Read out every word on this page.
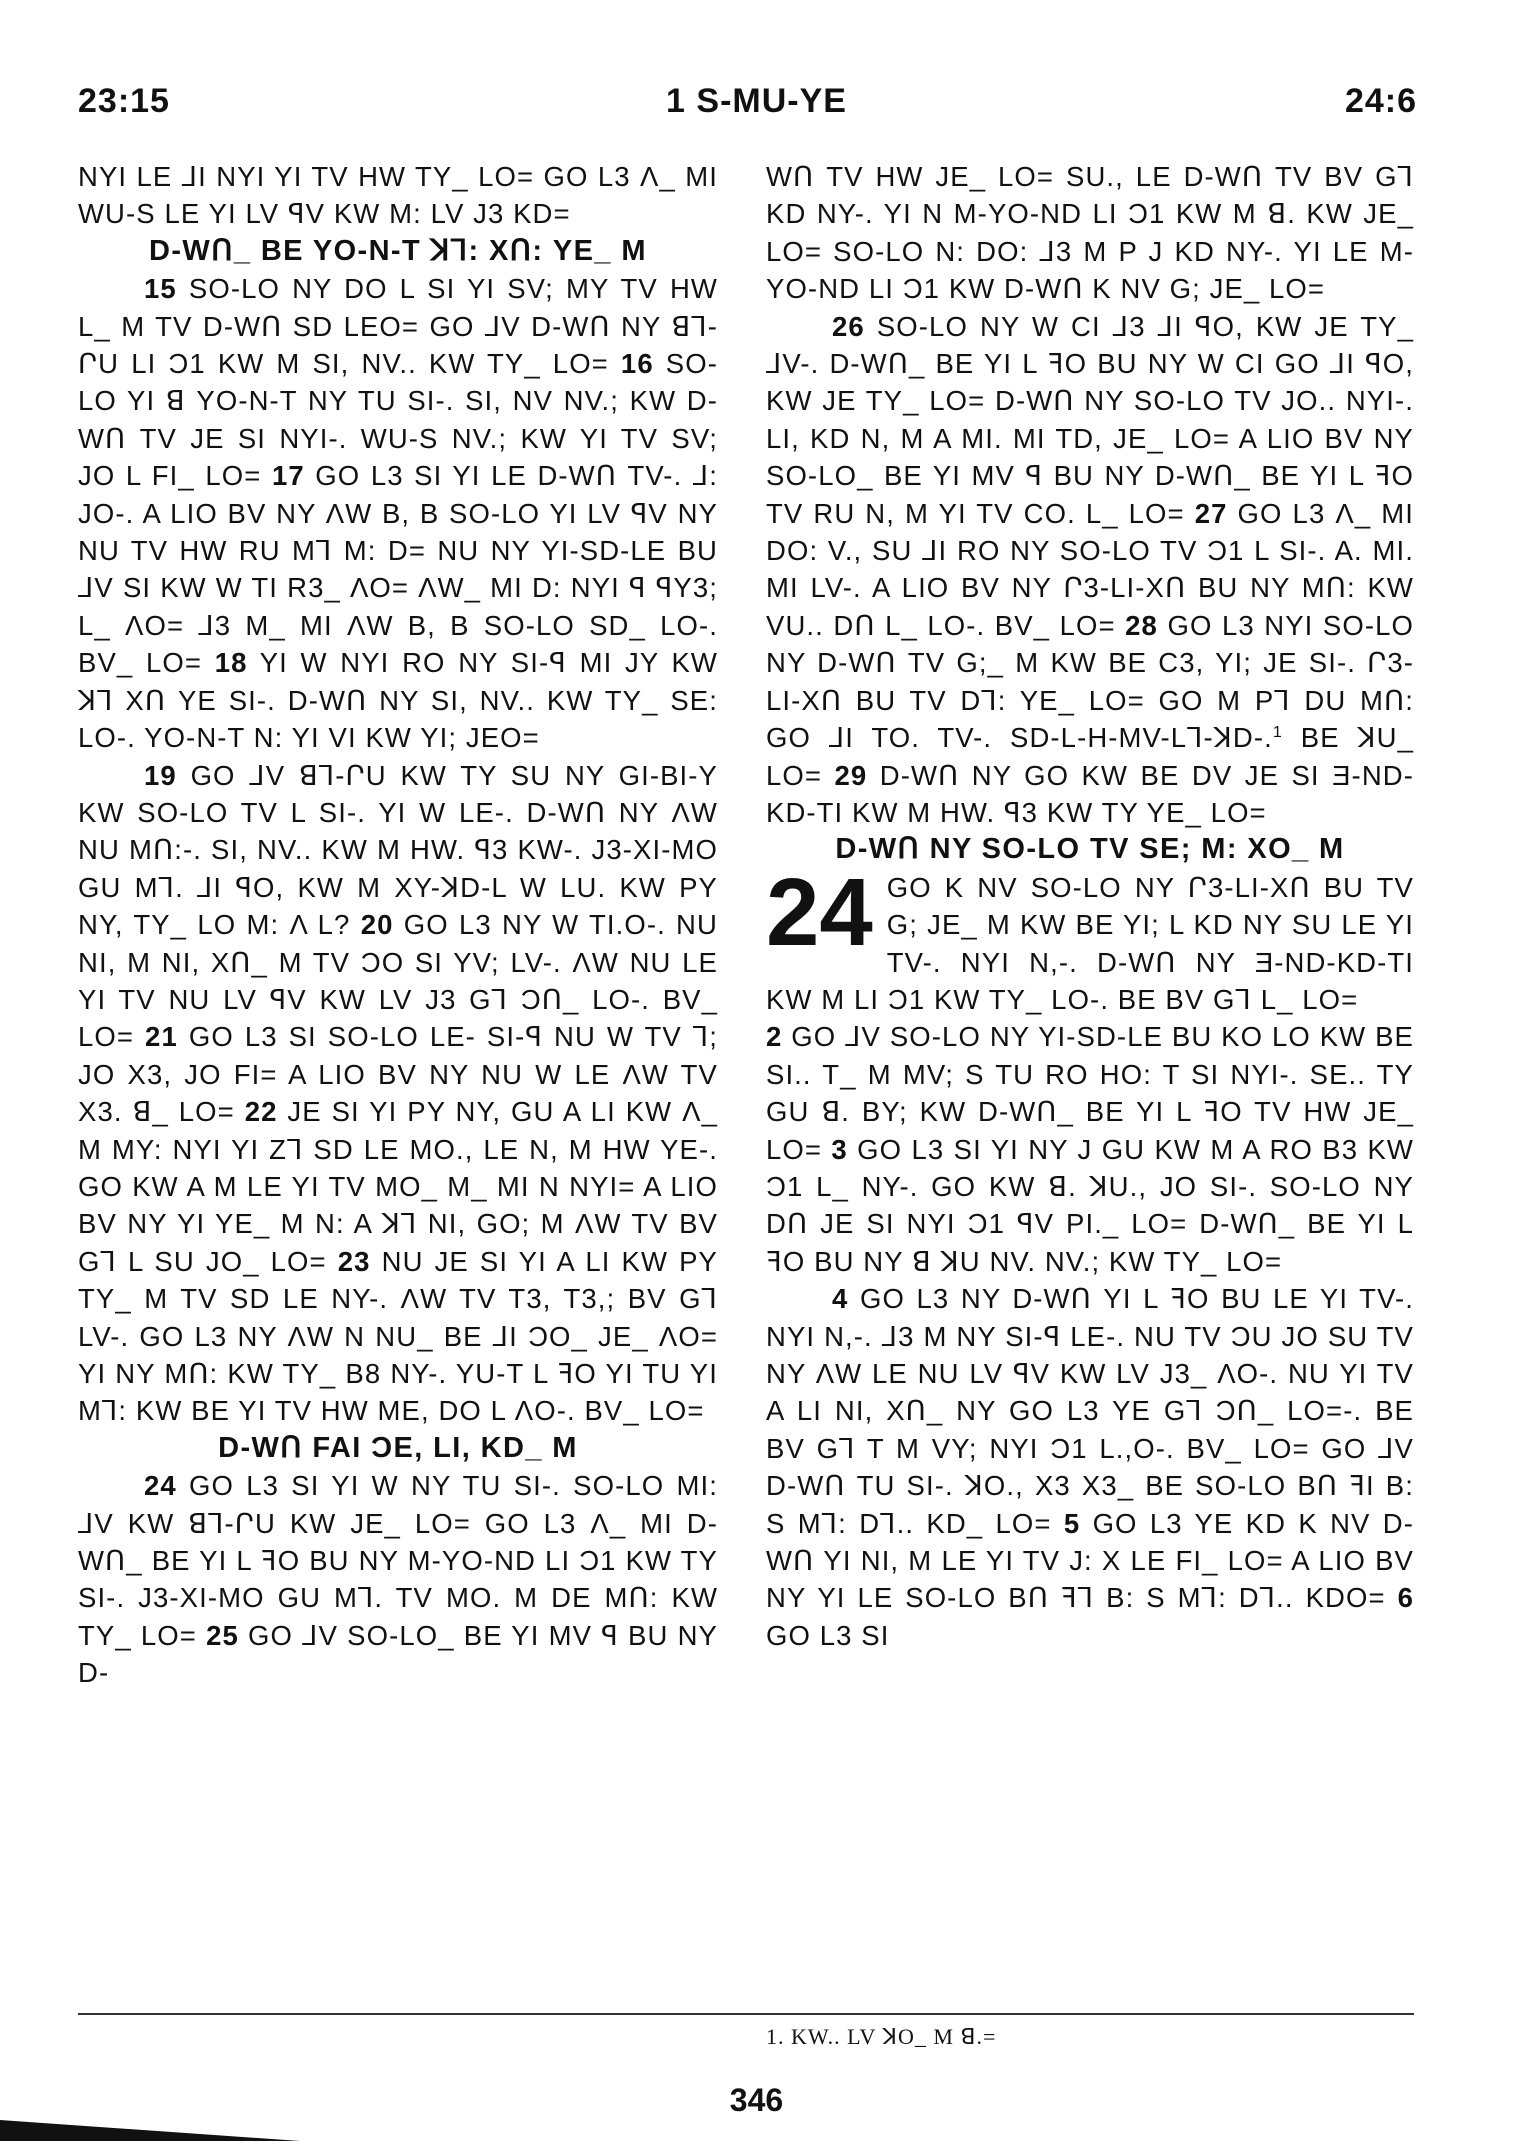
23:15	1 S-MU-YE	24:6

NYI LE ⅃I NYI YI TV HW TY_ LO= GO L3 Λ_ MI WU-S LE YI LV ꟼV KW M: LV J3 KD=

D-WՈ_ BE YO-N-T ꓘ⅂: XՈ: YE_ M

15 SO-LO NY DO L SI YI SV; MY TV HW L_ M TV D-WՈ SD LEO= GO ⅃V D-WՈ NY ꓭ⅂-ՐU LI Ɔ1 KW M SI, NV.. KW TY_ LO= 16 SO-LO YI ꓭ YO-N-T NY TU SI-. SI, NV NV.; KW D-WՈ TV JE SI NYI-. WU-S NV.; KW YI TV SV; JO L FI_ LO= 17 GO L3 SI YI LE D-WՈ TV-. ⅃: JO-. A LIO BV NY ΛW B, B SO-LO YI LV ꟼV NY NU TV HW RU M⅂ M: D= NU NY YI-SD-LE BU ⅃V SI KW W TI R3_ ΛO= ΛW_ MI D: NYI ꟼ ꟼY3; L_ ΛO= ⅃3 M_ MI ΛW B, B SO-LO SD_ LO-. BV_ LO= 18 YI W NYI RO NY SI-ꟼ MI JY KW ꓘ⅂ XՈ YE SI-. D-WՈ NY SI, NV.. KW TY_ SE: LO-. YO-N-T N: YI VI KW YI; JEO=

19 GO ⅃V ꓭ⅂-ՐU KW TY SU NY GI-BI-Y KW SO-LO TV L SI-. YI W LE-. D-WՈ NY ΛW NU MՈ:-. SI, NV.. KW M HW. ꟼ3 KW-. J3-XI-MO GU M⅂. ⅃I ꟼO, KW M XY-ꓘD-L W LU. KW PY NY, TY_ LO M: Λ L? 20 GO L3 NY W TI.O-. NU NI, M NI, XՈ_ M TV ƆO SI YV; LV-. ΛW NU LE YI TV NU LV ꟼV KW LV J3 G⅂ ƆՈ_ LO-. BV_ LO= 21 GO L3 SI SO-LO LE- SI-ꟼ NU W TV ⅂; JO X3, JO FI= A LIO BV NY NU W LE ΛW TV X3. ꓭ_ LO= 22 JE SI YI PY NY, GU A LI KW Λ_ M MY: NYI YI Z⅂ SD LE MO., LE N, M HW YE-. GO KW A M LE YI TV MO_ M_ MI N NYI= A LIO BV NY YI YE_ M N: A ꓘ⅂ NI, GO; M ΛW TV BV G⅂ L SU JO_ LO= 23 NU JE SI YI A LI KW PY TY_ M TV SD LE NY-. ΛW TV T3, T3,; BV G⅂ LV-. GO L3 NY ΛW N NU_ BE ⅃I ƆO_ JE_ ΛO= YI NY MՈ: KW TY_ B8 NY-. YU-T L ꟻO YI TU YI M⅂: KW BE YI TV HW ME, DO L ΛO-. BV_ LO=

D-WՈ FAI ƆE, LI, KD_ M

24 GO L3 SI YI W NY TU SI-. SO-LO MI: ⅃V KW ꓭ⅂-ՐU KW JE_ LO= GO L3 Λ_ MI D-WՈ_ BE YI L ꟻO BU NY M-YO-ND LI Ɔ1 KW TY SI-. J3-XI-MO GU M⅂. TV MO. M DE MՈ: KW TY_ LO= 25 GO ⅃V SO-LO_ BE YI MV ꟼ BU NY D-

WՈ TV HW JE_ LO= SU., LE D-WՈ TV BV G⅂ KD NY-. YI N M-YO-ND LI Ɔ1 KW M ꓭ. KW JE_ LO= SO-LO N: DO: ⅃3 M P J KD NY-. YI LE M-YO-ND LI Ɔ1 KW D-WՈ K NV G; JE_ LO=

26 SO-LO NY W CI ⅃3 ⅃I ꟼO, KW JE TY_ ⅃V-. D-WՈ_ BE YI L ꟻO BU NY W CI GO ⅃I ꟼO, KW JE TY_ LO= D-WՈ NY SO-LO TV JO.. NYI-. LI, KD N, M A MI. MI TD, JE_ LO= A LIO BV NY SO-LO_ BE YI MV ꟼ BU NY D-WՈ_ BE YI L ꟻO TV RU N, M YI TV CO. L_ LO= 27 GO L3 Λ_ MI DO: V., SU ⅃I RO NY SO-LO TV Ɔ1 L SI-. A. MI. MI LV-. A LIO BV NY Ր3-LI-XՈ BU NY MՈ: KW VU.. DՈ L_ LO-. BV_ LO= 28 GO L3 NYI SO-LO NY D-WՈ TV G;_ M KW BE C3, YI; JE SI-. Ր3-LI-XՈ BU TV D⅂: YE_ LO= GO M P⅂ DU MՈ: GO ⅃I TO. TV-. SD-L-H-MV-L⅂-ꓘD-.$^1$ BE ꓘU_ LO= 29 D-WՈ NY GO KW BE DV JE SI Ǝ-ND-KD-TI KW M HW. ꟼ3 KW TY YE_ LO=

D-WՈ NY SO-LO TV SE; M: XO_ M

24 GO K NV SO-LO NY Ր3-LI-XՈ BU TV G; JE_ M KW BE YI; L KD NY SU LE YI TV-. NYI N,-. D-WՈ NY Ǝ-ND-KD-TI KW M LI Ɔ1 KW TY_ LO-. BE BV G⅂ L_ LO=

2 GO ⅃V SO-LO NY YI-SD-LE BU KO LO KW BE SI.. T_ M MV; S TU RO HO: T SI NYI-. SE.. TY GU ꓭ. BY; KW D-WՈ_ BE YI L ꟻO TV HW JE_ LO= 3 GO L3 SI YI NY J GU KW M A RO B3 KW Ɔ1 L_ NY-. GO KW ꓭ. ꓘU., JO SI-. SO-LO NY DՈ JE SI NYI Ɔ1 ꟼV PI._ LO= D-WՈ_ BE YI L ꟻO BU NY ꓭ ꓘU NV. NV.; KW TY_ LO=

4 GO L3 NY D-WՈ YI L ꟻO BU LE YI TV-. NYI N,-. ⅃3 M NY SI-ꟼ LE-. NU TV ƆU JO SU TV NY ΛW LE NU LV ꟼV KW LV J3_ ΛO-. NU YI TV A LI NI, XՈ_ NY GO L3 YE G⅂ ƆՈ_ LO=-. BE BV G⅂ T M VY; NYI Ɔ1 L.,O-. BV_ LO= GO ⅃V D-WՈ TU SI-. ꓘO., X3 X3_ BE SO-LO BՈ ꟻI B: S M⅂: D⅂.. KD_ LO= 5 GO L3 YE KD K NV D-WՈ YI NI, M LE YI TV J: X LE FI_ LO= A LIO BV NY YI LE SO-LO BՈ ꟻ⅂ B: S M⅂: D⅂.. KDO= 6 GO L3 SI

1. KW.. LV ꓘO_ M ꓭ.=
346
